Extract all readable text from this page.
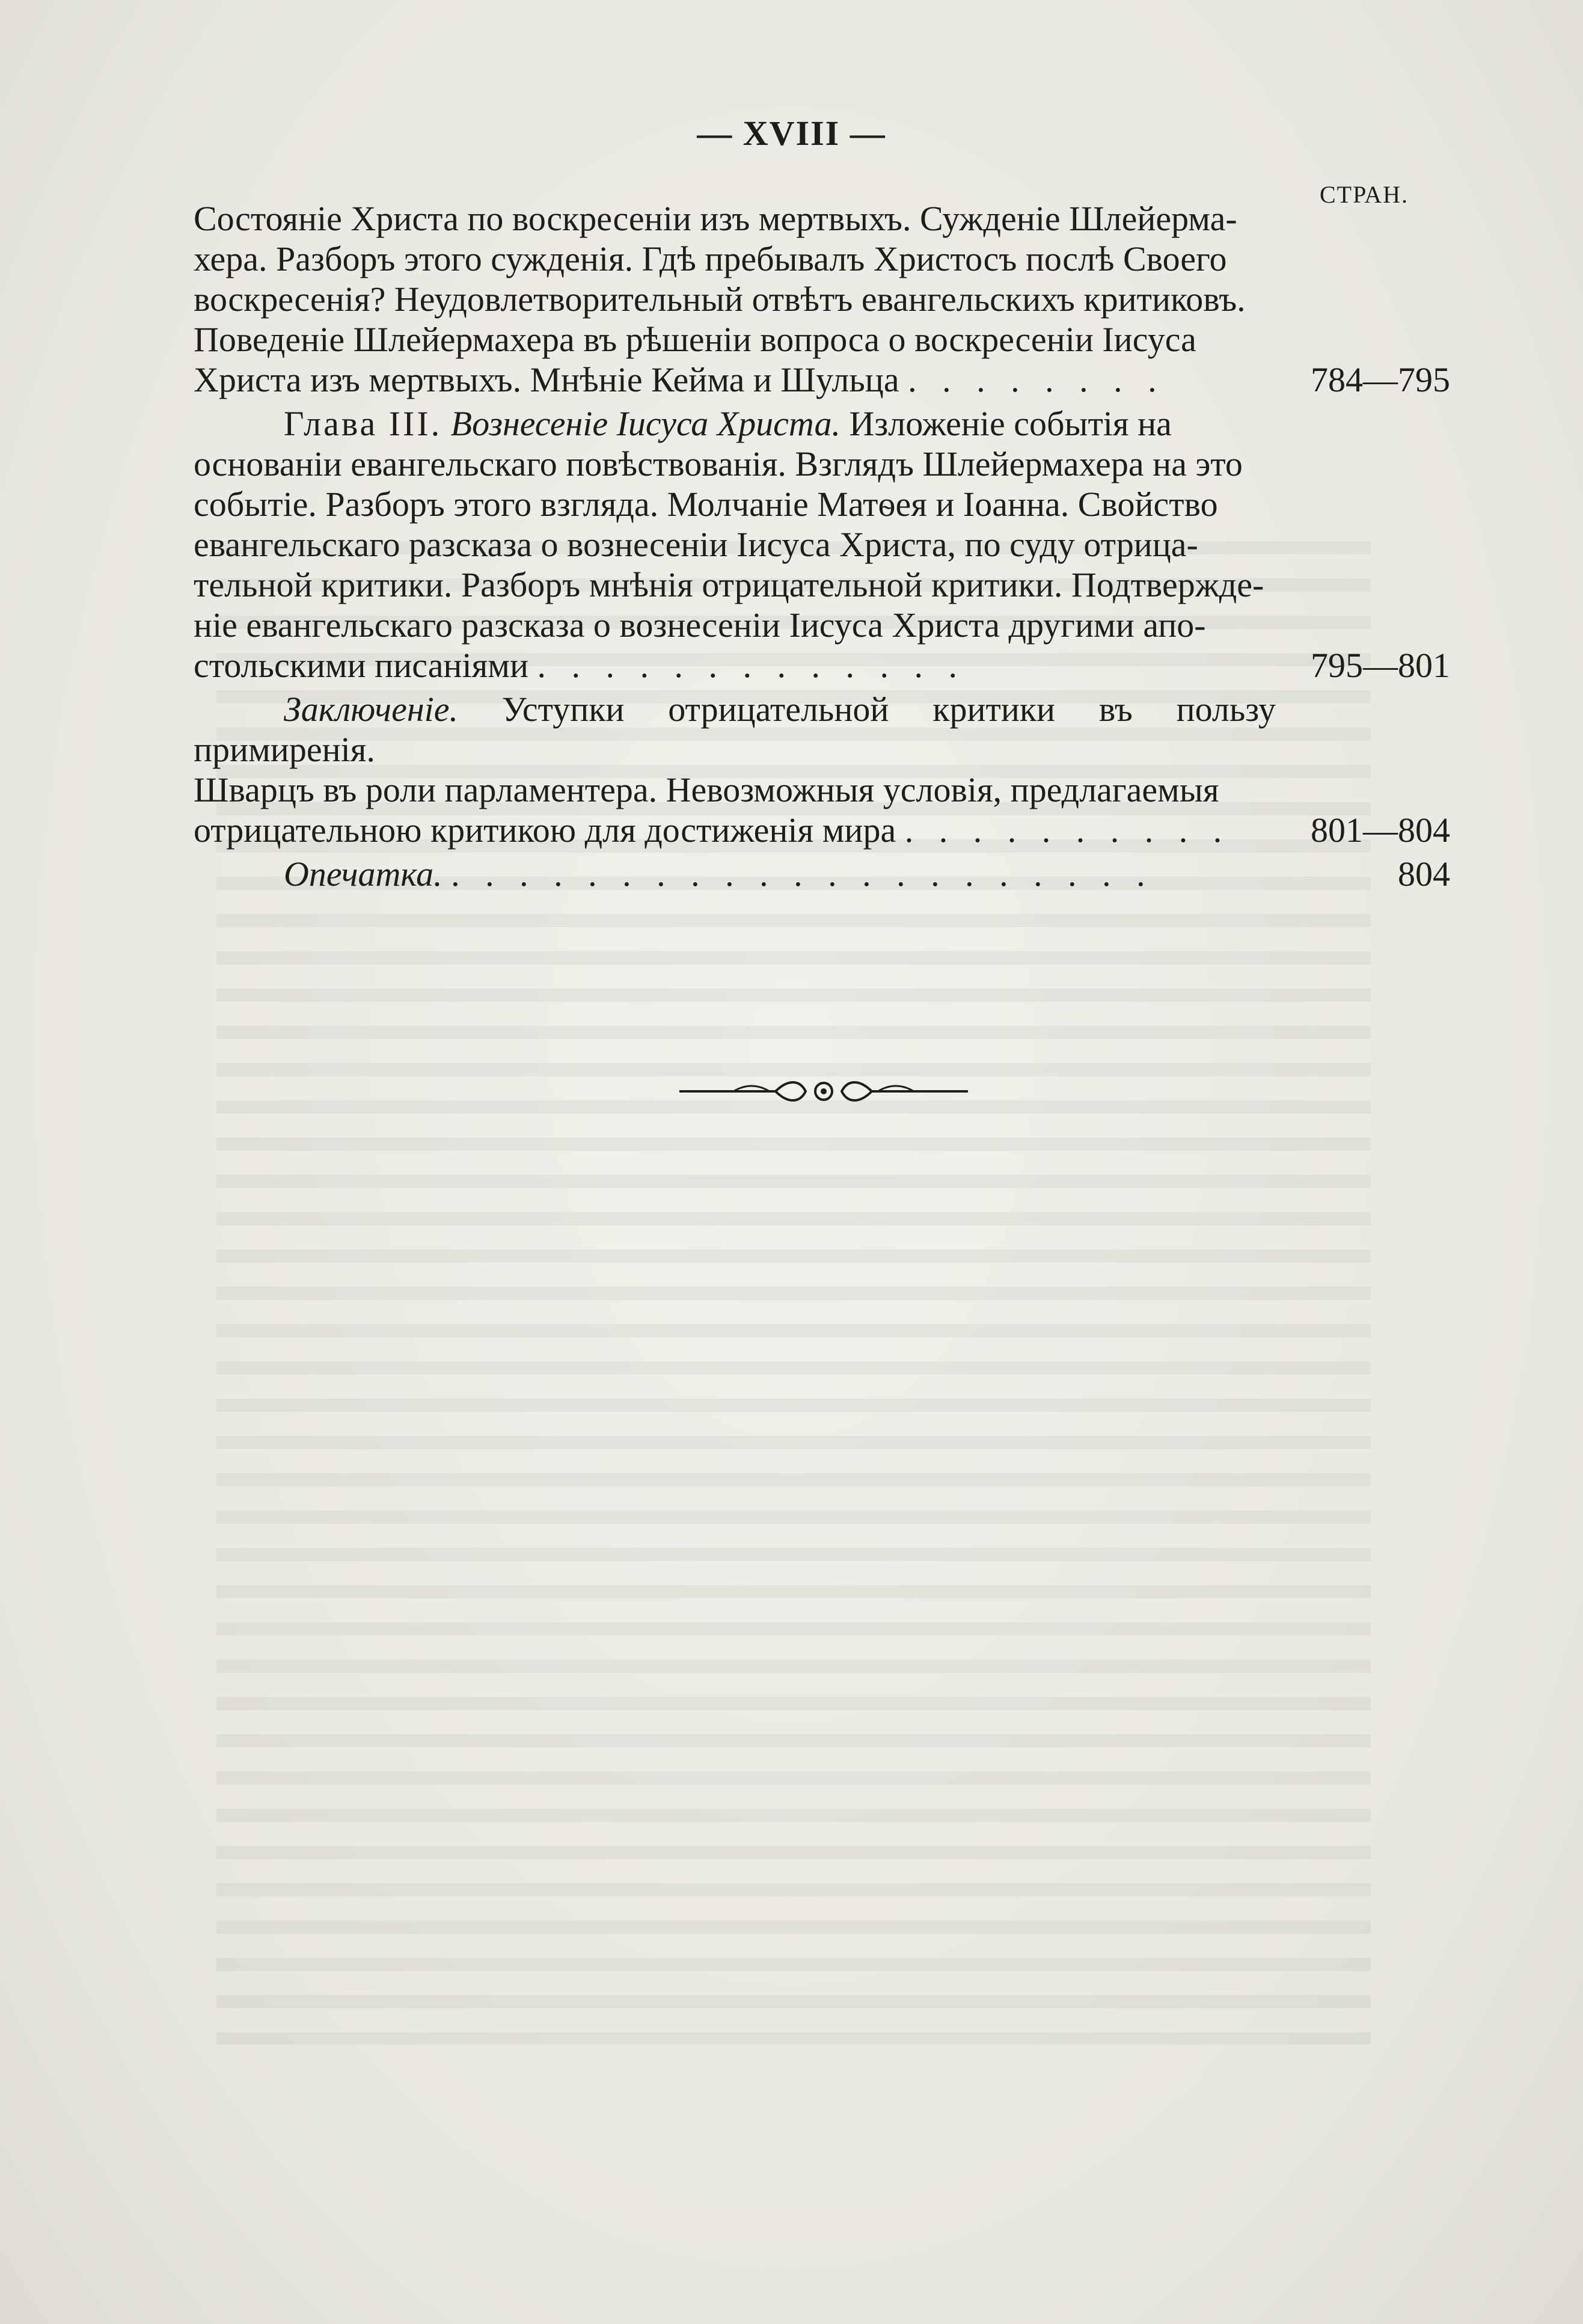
— XVIII —
СТРАН.

Состояніе Христа по воскресеніи изъ мертвыхъ. Сужденіе Шлейерма-

хера. Разборъ этого сужденія. Гдѣ пребывалъ Христосъ послѣ Своего

воскресенія? Неудовлетворительный отвѣтъ евангельскихъ критиковъ.

Поведеніе Шлейермахера въ рѣшеніи вопроса о воскресеніи Іисуса

Христа изъ мертвыхъ. Мнѣніе Кейма и Шульца . . . . . . . .	784—795

Глава III. Вознесеніе Іисуса Христа. Изложеніе событія на

основаніи евангельскаго повѣствованія. Взглядъ Шлейермахера на это

событіе. Разборъ этого взгляда. Молчаніе Матѳея и Іоанна. Свойство

евангельскаго разсказа о вознесеніи Іисуса Христа, по суду отрица-

тельной критики. Разборъ мнѣнія отрицательной критики. Подтвержде-

ніе евангельскаго разсказа о вознесеніи Іисуса Христа другими апо-

стольскими писаніями . . . . . . . . . . . . .	795—801

Заключеніе. Уступки отрицательной критики въ пользу примиренія.

Шварцъ въ роли парламентера. Невозможныя условія, предлагаемыя

отрицательною критикою для достиженія мира . . . . . . . . . .	801—804

Опечатка. . . . . . . . . . . . . . . . . . . . . .	804
